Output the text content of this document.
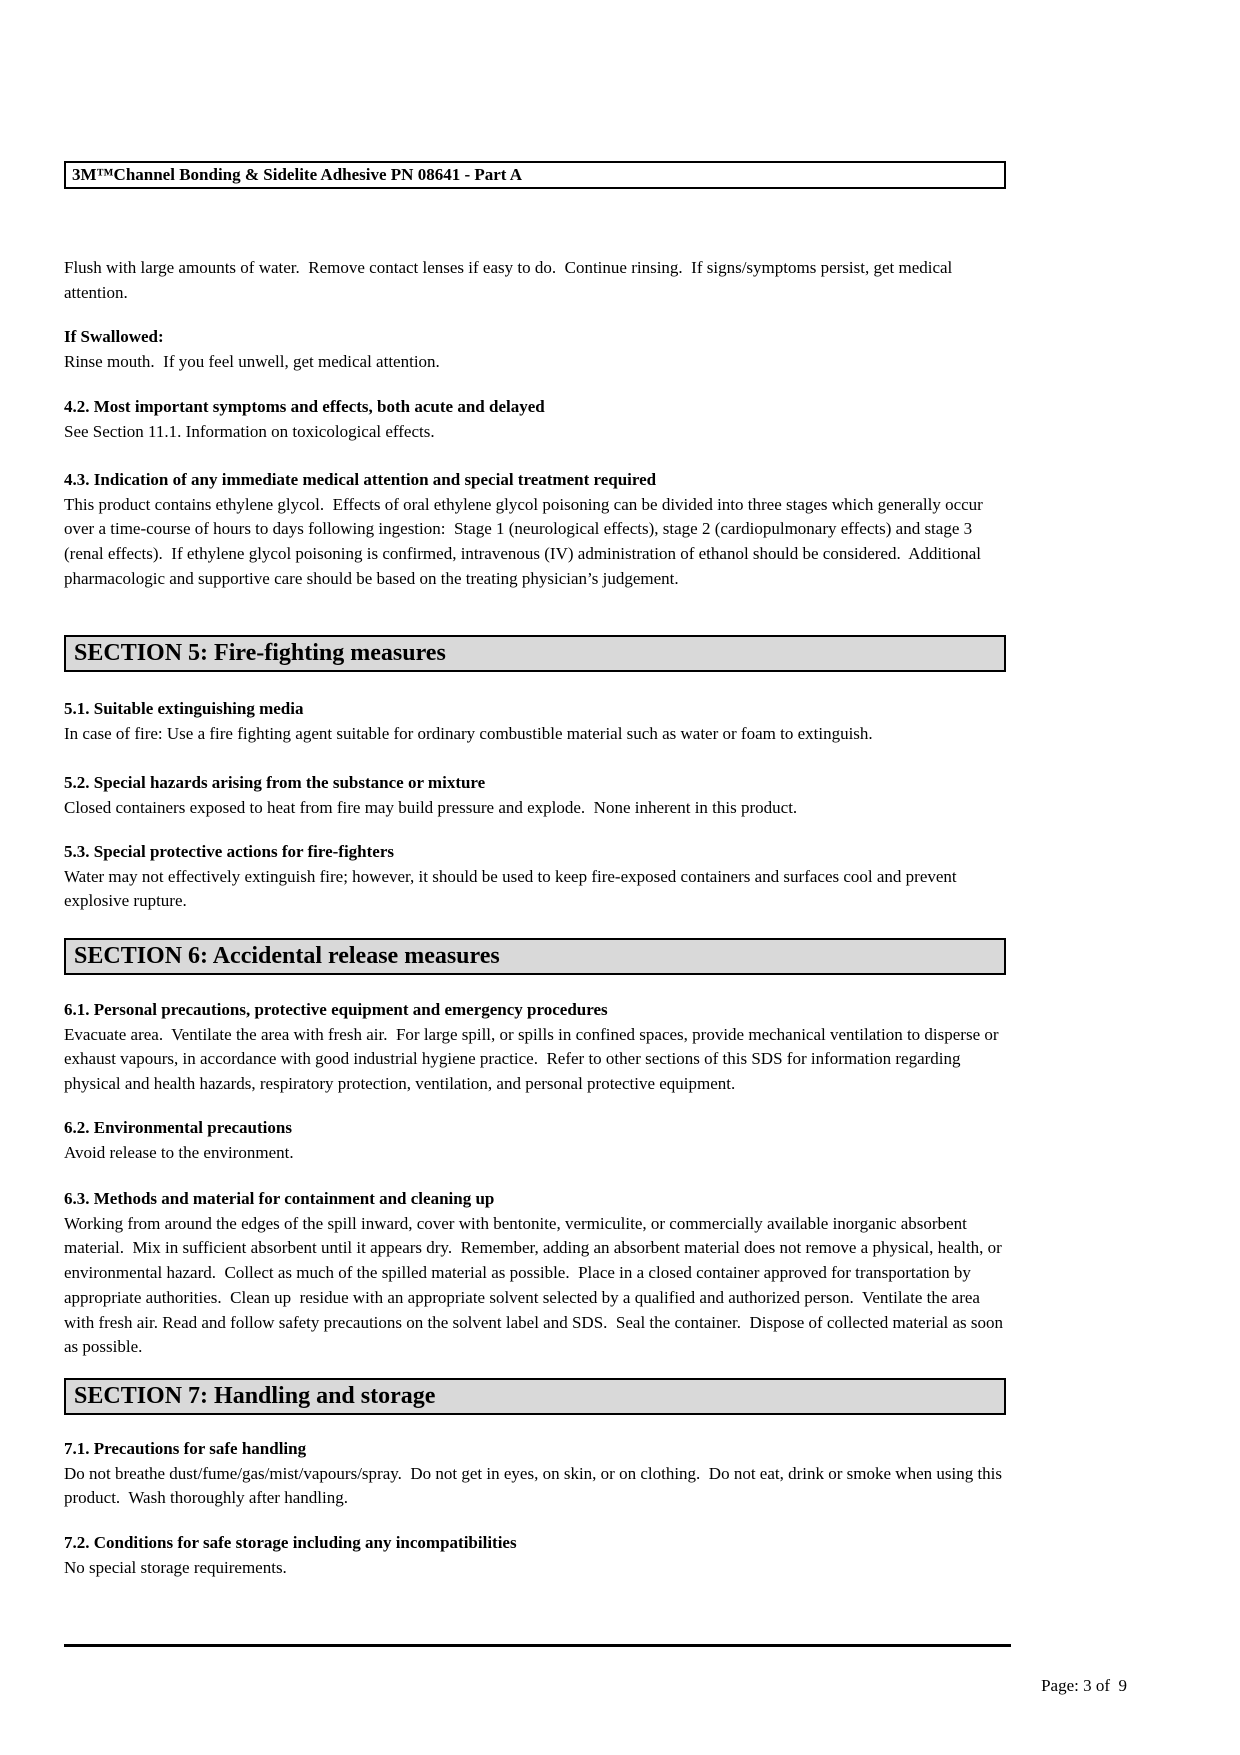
3M™Channel Bonding & Sidelite Adhesive PN 08641 - Part A
Flush with large amounts of water.  Remove contact lenses if easy to do.  Continue rinsing.  If signs/symptoms persist, get medical attention.
If Swallowed:
Rinse mouth.  If you feel unwell, get medical attention.
4.2. Most important symptoms and effects, both acute and delayed
See Section 11.1. Information on toxicological effects.
4.3. Indication of any immediate medical attention and special treatment required
This product contains ethylene glycol.  Effects of oral ethylene glycol poisoning can be divided into three stages which generally occur over a time-course of hours to days following ingestion:  Stage 1 (neurological effects), stage 2 (cardiopulmonary effects) and stage 3 (renal effects).  If ethylene glycol poisoning is confirmed, intravenous (IV) administration of ethanol should be considered.  Additional pharmacologic and supportive care should be based on the treating physician’s judgement.
SECTION 5: Fire-fighting measures
5.1. Suitable extinguishing media
In case of fire: Use a fire fighting agent suitable for ordinary combustible material such as water or foam to extinguish.
5.2. Special hazards arising from the substance or mixture
Closed containers exposed to heat from fire may build pressure and explode.  None inherent in this product.
5.3. Special protective actions for fire-fighters
Water may not effectively extinguish fire; however, it should be used to keep fire-exposed containers and surfaces cool and prevent explosive rupture.
SECTION 6: Accidental release measures
6.1. Personal precautions, protective equipment and emergency procedures
Evacuate area.  Ventilate the area with fresh air.  For large spill, or spills in confined spaces, provide mechanical ventilation to disperse or exhaust vapours, in accordance with good industrial hygiene practice.  Refer to other sections of this SDS for information regarding physical and health hazards, respiratory protection, ventilation, and personal protective equipment.
6.2. Environmental precautions
Avoid release to the environment.
6.3. Methods and material for containment and cleaning up
Working from around the edges of the spill inward, cover with bentonite, vermiculite, or commercially available inorganic absorbent material.  Mix in sufficient absorbent until it appears dry.  Remember, adding an absorbent material does not remove a physical, health, or environmental hazard.  Collect as much of the spilled material as possible.  Place in a closed container approved for transportation by appropriate authorities.  Clean up  residue with an appropriate solvent selected by a qualified and authorized person.  Ventilate the area with fresh air. Read and follow safety precautions on the solvent label and SDS.  Seal the container.  Dispose of collected material as soon as possible.
SECTION 7: Handling and storage
7.1. Precautions for safe handling
Do not breathe dust/fume/gas/mist/vapours/spray.  Do not get in eyes, on skin, or on clothing.  Do not eat, drink or smoke when using this product.  Wash thoroughly after handling.
7.2. Conditions for safe storage including any incompatibilities
No special storage requirements.
Page: 3 of  9
